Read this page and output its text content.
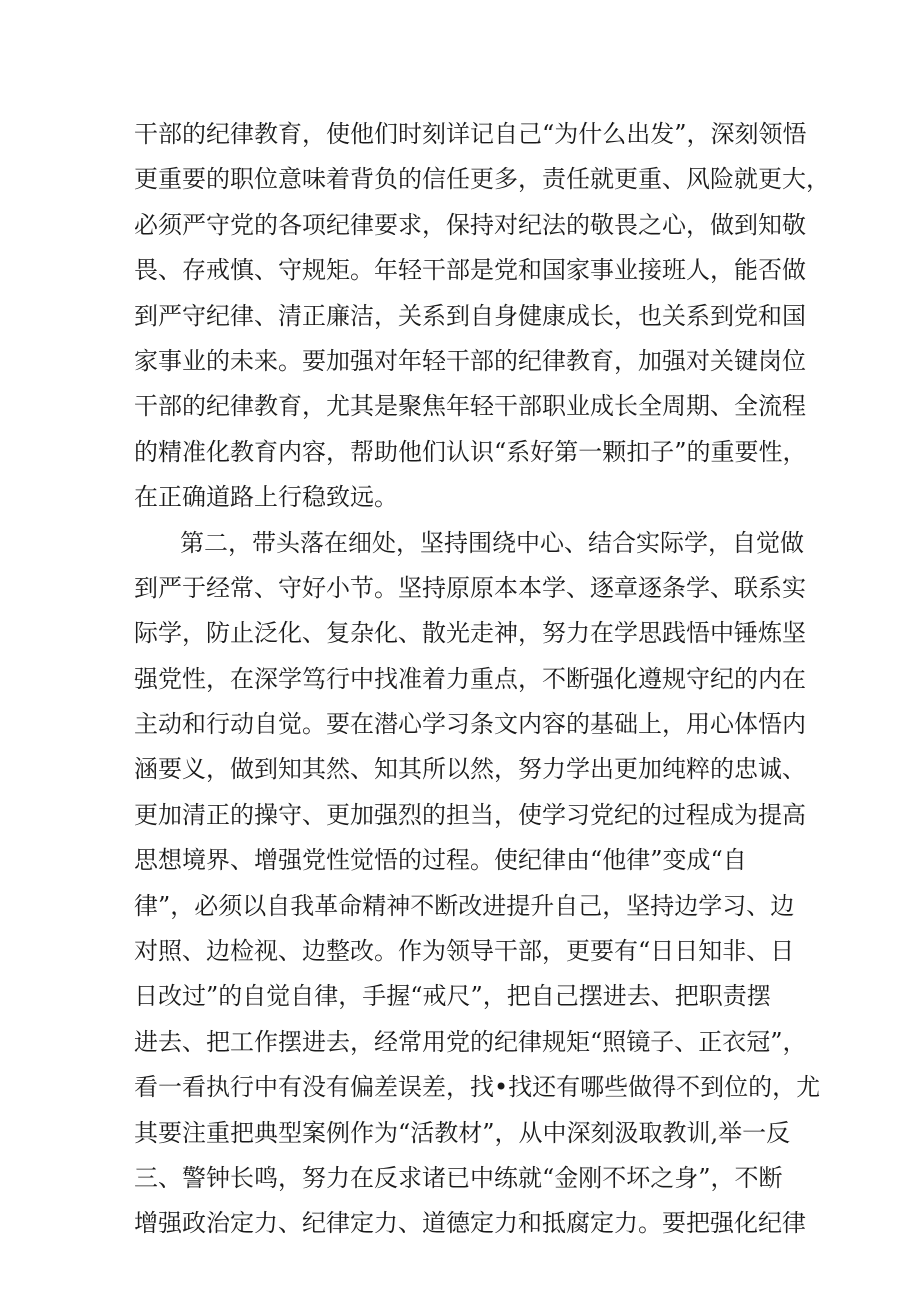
干部的纪律教育，使他们时刻详记自己“为什么出发”，深刻领悟
更重要的职位意味着背负的信任更多，责任就更重、风险就更大，
必须严守党的各项纪律要求，保持对纪法的敬畏之心，做到知敬
畏、存戒慎、守规矩。年轻干部是党和国家事业接班人，能否做
到严守纪律、清正廉洁，关系到自身健康成长，也关系到党和国
家事业的未来。要加强对年轻干部的纪律教育，加强对关键岗位
干部的纪律教育，尤其是聚焦年轻干部职业成长全周期、全流程
的精准化教育内容，帮助他们认识“系好第一颗扣子”的重要性，
在正确道路上行稳致远。
第二，带头落在细处，坚持围绕中心、结合实际学，自觉做
到严于经常、守好小节。坚持原原本本学、逐章逐条学、联系实
际学，防止泛化、复杂化、散光走神，努力在学思践悟中锤炼坚
强党性，在深学笃行中找准着力重点，不断强化遵规守纪的内在
主动和行动自觉。要在潜心学习条文内容的基础上，用心体悟内
涵要义，做到知其然、知其所以然，努力学出更加纯粹的忠诚、
更加清正的操守、更加强烈的担当，使学习党纪的过程成为提高
思想境界、增强党性觉悟的过程。使纪律由“他律”变成“自
律”，必须以自我革命精神不断改进提升自己，坚持边学习、边
对照、边检视、边整改。作为领导干部，更要有“日日知非、日
日改过”的自觉自律，手握“戒尺”，把自己摆进去、把职责摆
进去、把工作摆进去，经常用党的纪律规矩“照镜子、正衣冠”，
看一看执行中有没有偏差误差，找•找还有哪些做得不到位的，尤
其要注重把典型案例作为“活教材”，从中深刻汲取教训,举一反
三、警钟长鸣，努力在反求诸已中练就“金刚不坏之身”，不断
增强政治定力、纪律定力、道德定力和抵腐定力。要把强化纪律
